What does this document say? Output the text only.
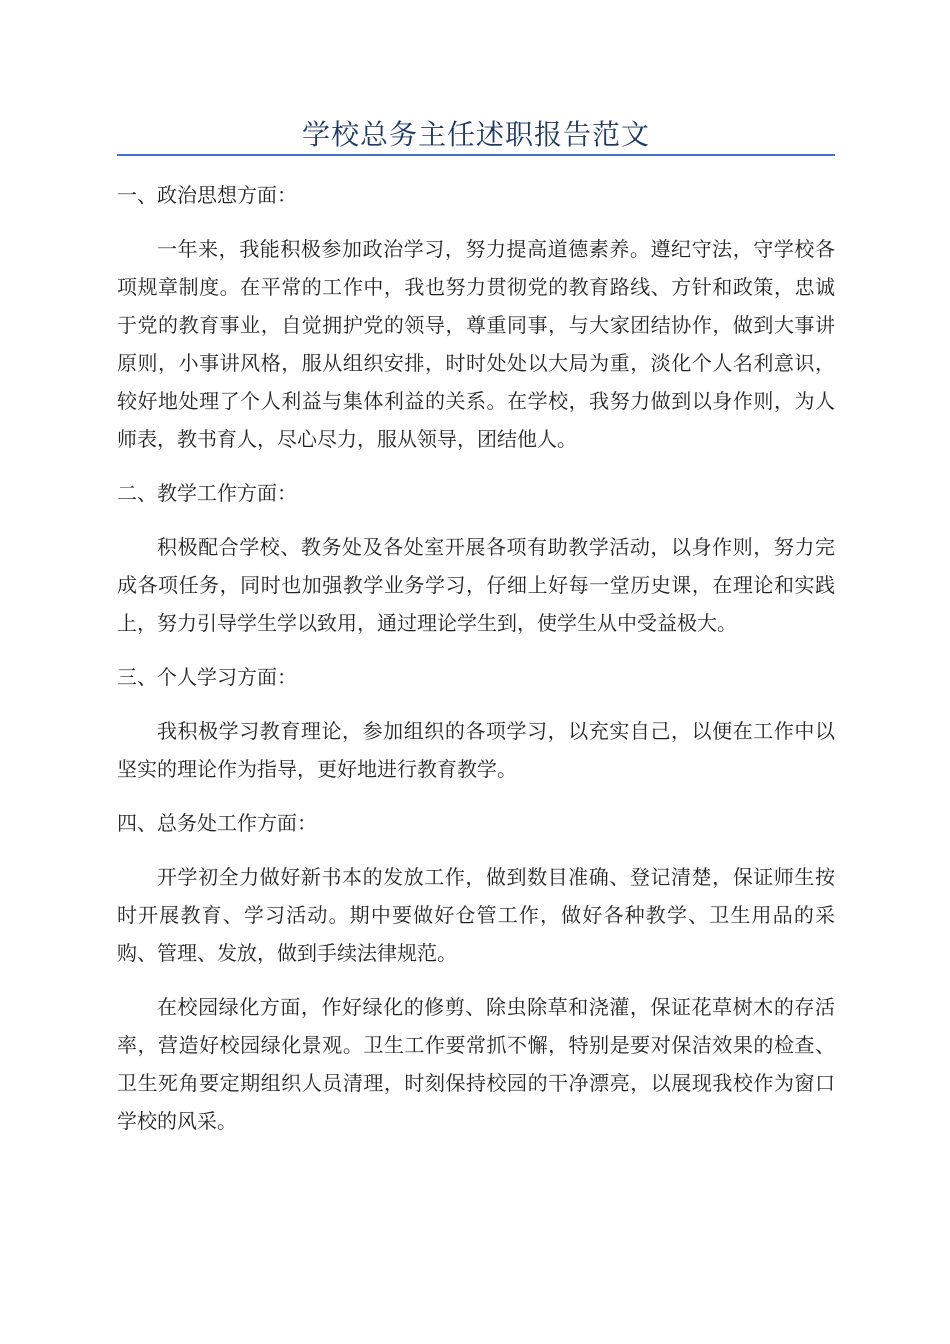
学校总务主任述职报告范文

一、政治思想方面：

一年来，我能积极参加政治学习，努力提高道德素养。遵纪守法，守学校各项规章制度。在平常的工作中，我也努力贯彻党的教育路线、方针和政策，忠诚于党的教育事业，自觉拥护党的领导，尊重同事，与大家团结协作，做到大事讲原则，小事讲风格，服从组织安排，时时处处以大局为重，淡化个人名利意识，较好地处理了个人利益与集体利益的关系。在学校，我努力做到以身作则，为人师表，教书育人，尽心尽力，服从领导，团结他人。

二、教学工作方面：

积极配合学校、教务处及各处室开展各项有助教学活动，以身作则，努力完成各项任务，同时也加强教学业务学习，仔细上好每一堂历史课，在理论和实践上，努力引导学生学以致用，通过理论学生到，使学生从中受益极大。

三、个人学习方面：

我积极学习教育理论，参加组织的各项学习，以充实自己，以便在工作中以坚实的理论作为指导，更好地进行教育教学。

四、总务处工作方面：

开学初全力做好新书本的发放工作，做到数目准确、登记清楚，保证师生按时开展教育、学习活动。期中要做好仓管工作，做好各种教学、卫生用品的采购、管理、发放，做到手续法律规范。

在校园绿化方面，作好绿化的修剪、除虫除草和浇灌，保证花草树木的存活率，营造好校园绿化景观。卫生工作要常抓不懈，特别是要对保洁效果的检查、卫生死角要定期组织人员清理，时刻保持校园的干净漂亮，以展现我校作为窗口学校的风采。
